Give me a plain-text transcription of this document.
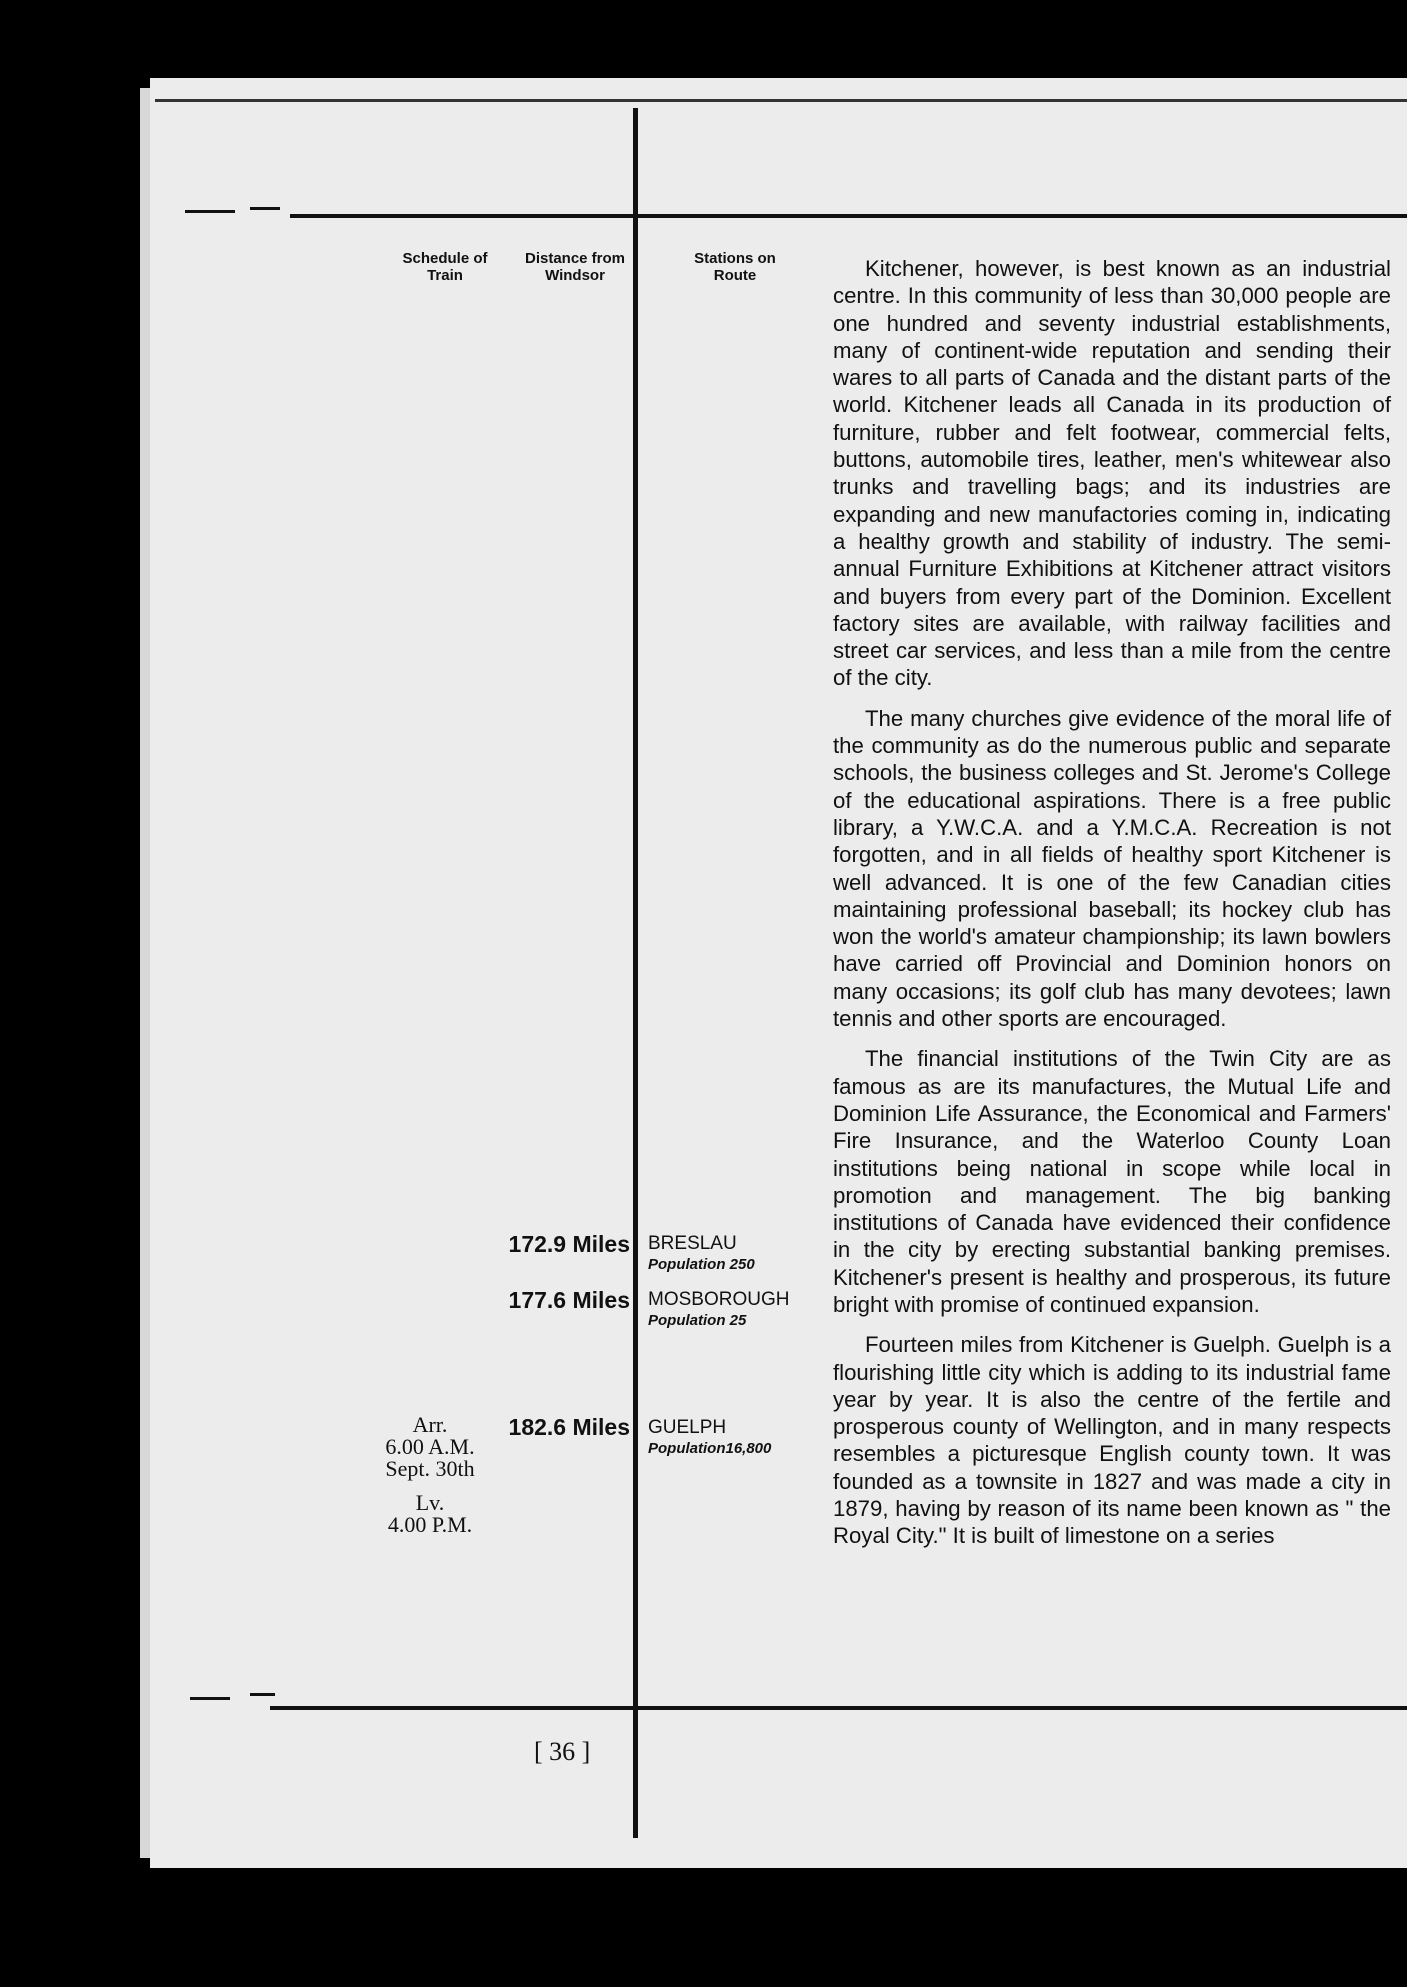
Schedule of
Train
Distance from
Windsor
Stations on
Route
172.9 Miles BRESLAU
Population 250
177.6 Miles MOSBOROUGH
Population 25
182.6 Miles GUELPH
Population16,800
Arr.
6.00 A.M.
Sept. 30th
Lv.
4.00 P.M.

Kitchener, however, is best known as an industrial centre. In this community of less than 30,000 people are one hundred and seventy industrial establishments, many of continent-wide reputation and sending their wares to all parts of Canada and the distant parts of the world. Kitchener leads all Canada in its production of furniture, rubber and felt footwear, commercial felts, buttons, automobile tires, leather, men's whitewear also trunks and travelling bags; and its industries are expanding and new manufactories coming in, indicating a healthy growth and stability of industry. The semi-annual Furniture Exhibitions at Kitchener attract visitors and buyers from every part of the Dominion. Excellent factory sites are available, with railway facilities and street car services, and less than a mile from the centre of the city.

The many churches give evidence of the moral life of the community as do the numerous public and separate schools, the business colleges and St. Jerome's College of the educational aspirations. There is a free public library, a Y.W.C.A. and a Y.M.C.A. Recreation is not forgotten, and in all fields of healthy sport Kitchener is well advanced. It is one of the few Canadian cities maintaining professional baseball; its hockey club has won the world's amateur championship; its lawn bowlers have carried off Provincial and Dominion honors on many occasions; its golf club has many devotees; lawn tennis and other sports are encouraged.

The financial institutions of the Twin City are as famous as are its manufactures, the Mutual Life and Dominion Life Assurance, the Economical and Farmers' Fire Insurance, and the Waterloo County Loan institutions being national in scope while local in promotion and management. The big banking institutions of Canada have evidenced their confidence in the city by erecting substantial banking premises. Kitchener's present is healthy and prosperous, its future bright with promise of continued expansion.

Fourteen miles from Kitchener is Guelph. Guelph is a flourishing little city which is adding to its industrial fame year by year. It is also the centre of the fertile and prosperous county of Wellington, and in many respects resembles a picturesque English county town. It was founded as a townsite in 1827 and was made a city in 1879, having by reason of its name been known as " the Royal City." It is built of limestone on a series

[ 36 ]
